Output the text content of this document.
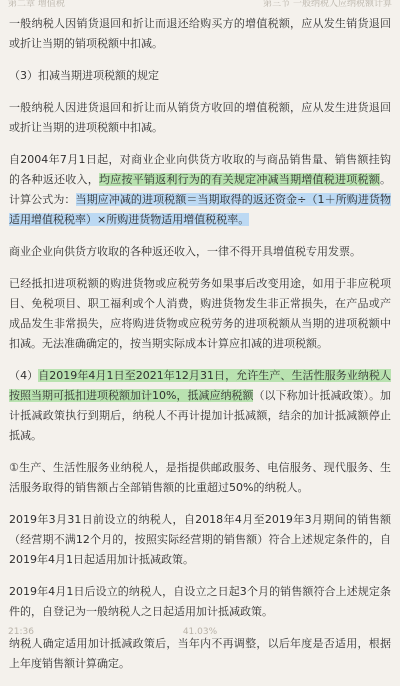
第二章 增值税	第三节 一般纳税人应纳税额计算

一般纳税人因销货退回和折让而退还给购买方的增值税额，应从发生销货退回或折让当期的销项税额中扣减。

（3）扣减当期进项税额的规定

一般纳税人因进货退回和折让而从销货方收回的增值税额，应从发生进货退回或折让当期的进项税额中扣减。

自2004年7月1日起，对商业企业向供货方收取的与商品销售量、销售额挂钩的各种返还收入，均应按平销返利行为的有关规定冲减当期增值税进项税额。计算公式为：当期应冲减的进项税额＝当期取得的返还资金÷（1＋所购进货物适用增值税税率）×所购进货物适用增值税税率。

商业企业向供货方收取的各种返还收入，一律不得开具增值税专用发票。

已经抵扣进项税额的购进货物或应税劳务如果事后改变用途，如用于非应税项目、免税项目、职工福利或个人消费，购进货物发生非正常损失，在产品或产成品发生非常损失，应将购进货物或应税劳务的进项税额从当期的进项税额中扣减。无法准确确定的，按当期实际成本计算应扣减的进项税额。

（4）自2019年4月1日至2021年12月31日，允许生产、生活性服务业纳税人按照当期可抵扣进项税额加计10%，抵减应纳税额（以下称加计抵减政策）。加计抵减政策执行到期后，纳税人不再计提加计抵减额，结余的加计抵减额停止抵减。

①生产、生活性服务业纳税人，是指提供邮政服务、电信服务、现代服务、生活服务取得的销售额占全部销售额的比重超过50%的纳税人。

2019年3月31日前设立的纳税人，自2018年4月至2019年3月期间的销售额（经营期不满12个月的，按照实际经营期的销售额）符合上述规定条件的，自2019年4月1日起适用加计抵减政策。

2019年4月1日后设立的纳税人，自设立之日起3个月的销售额符合上述规定条件的，自登记为一般纳税人之日起适用加计抵减政策。

纳税人确定适用加计抵减政策后，当年内不再调整，以后年度是否适用，根据上年度销售额计算确定。

21:36	41.03%
